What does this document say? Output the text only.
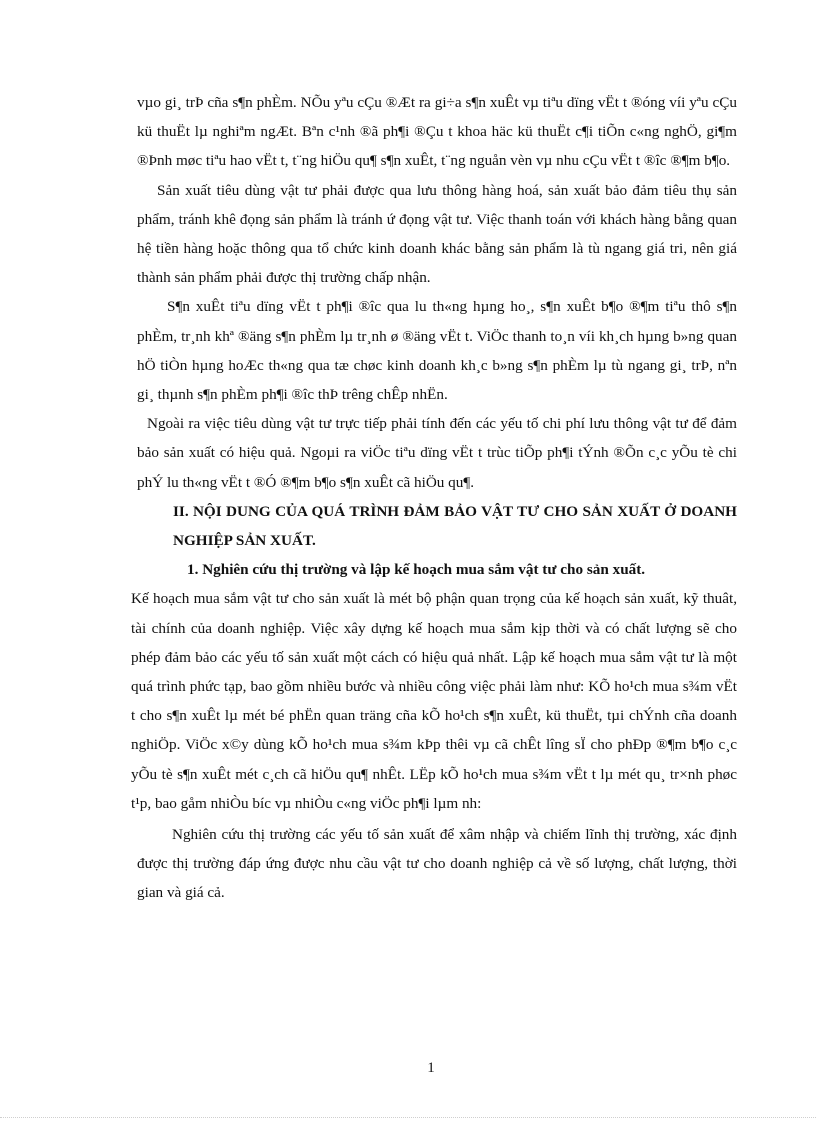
vµo gi¸ trÞ cña s¶n phÈm. NÕu yªu cÇu ®Æt ra gi÷a s¶n xuÊt vµ tiªu dïng vËt t ®óng víi yªu cÇu kü thuËt lµ nghiªm ngÆt. Bªn c¹nh ®ã ph¶i ®Çu t khoa häc kü thuËt c¶i tiÕn c«ng nghÖ, gi¶m ®Þnh møc tiªu hao vËt t, t¨ng hiÖu qu¶ s¶n xuÊt, t¨ng nguån vèn vµ nhu cÇu vËt t ®îc ®¶m b¶o.

Sản xuất tiêu dùng vật tư phải được qua lưu thông hàng hoá, sản xuất bảo đảm tiêu thụ sản phẩm, tránh khê đọng sản phẩm là tránh ứ đọng vật tư. Việc thanh toán với khách hàng bằng quan hệ tiền hàng hoặc thông qua tổ chức kinh doanh khác bằng sản phẩm là tù ngang giá tri, nên giá thành sản phẩm phải được thị trường chấp nhận.

S¶n xuÊt tiªu dïng vËt t ph¶i ®îc qua lu th«ng hµng ho¸, s¶n xuÊt b¶o ®¶m tiªu thô s¶n phÈm, tr¸nh khª ®äng s¶n phÈm lµ tr¸nh ø ®äng vËt t. ViÖc thanh to¸n víi kh¸ch hµng b»ng quan hÖ tiÒn hµng hoÆc th«ng qua tæ chøc kinh doanh kh¸c b»ng s¶n phÈm lµ tù ngang gi¸ trÞ, nªn gi¸ thµnh s¶n phÈm ph¶i ®îc thÞ trêng chÊp nhËn.

Ngoài ra việc tiêu dùng vật tư trực tiếp phải tính đến các yếu tố chi phí lưu thông vật tư để đảm bảo sản xuất có hiệu quả. Ngoµi ra viÖc tiªu dïng vËt t trùc tiÕp ph¶i tÝnh ®Õn c¸c yÕu tè chi phÝ lu th«ng vËt t ®Ó ®¶m b¶o s¶n xuÊt cã hiÖu qu¶.

II. NỘI DUNG CỦA QUÁ TRÌNH ĐẢM BẢO VẬT TƯ CHO SẢN XUẤT Ở DOANH NGHIỆP SẢN XUẤT.

1. Nghiên cứu thị trường và lập kế hoạch mua sắm vật tư cho sản xuất.

Kế hoạch mua sắm vật tư cho sản xuất là mét bộ phận quan trọng của kế hoạch sản xuất, kỹ thuât, tài chính của doanh nghiệp. Việc xây dựng kế hoạch mua sắm kịp thời và có chất lượng sẽ cho phép đảm bảo các yếu tố sản xuất một cách có hiệu quả nhất. Lập kế hoạch mua sắm vật tư là một quá trình phức tạp, bao gồm nhiều bước và nhiều công việc phải làm như: KÕ ho¹ch mua s¾m vËt t cho s¶n xuÊt lµ mét bé phËn quan träng cña kÕ ho¹ch s¶n xuÊt, kü thuËt, tµi chÝnh cña doanh nghiÖp. ViÖc x©y dùng kÕ ho¹ch mua s¾m kÞp thêi vµ cã chÊt lîng sÏ cho phÐp ®¶m b¶o c¸c yÕu tè s¶n xuÊt mét c¸ch cã hiÖu qu¶ nhÊt. LËp kÕ ho¹ch mua s¾m vËt t lµ mét qu¸ tr×nh phøc t¹p, bao gåm nhiÒu bíc vµ nhiÒu c«ng viÖc ph¶i lµm nh:

Nghiên cứu thị trường các yếu tố sản xuất để xâm nhập và chiếm lĩnh thị trường, xác định được thị trường đáp ứng được nhu cầu vật tư cho doanh nghiệp cả về số lượng, chất lượng, thời gian và giá cả.

1
